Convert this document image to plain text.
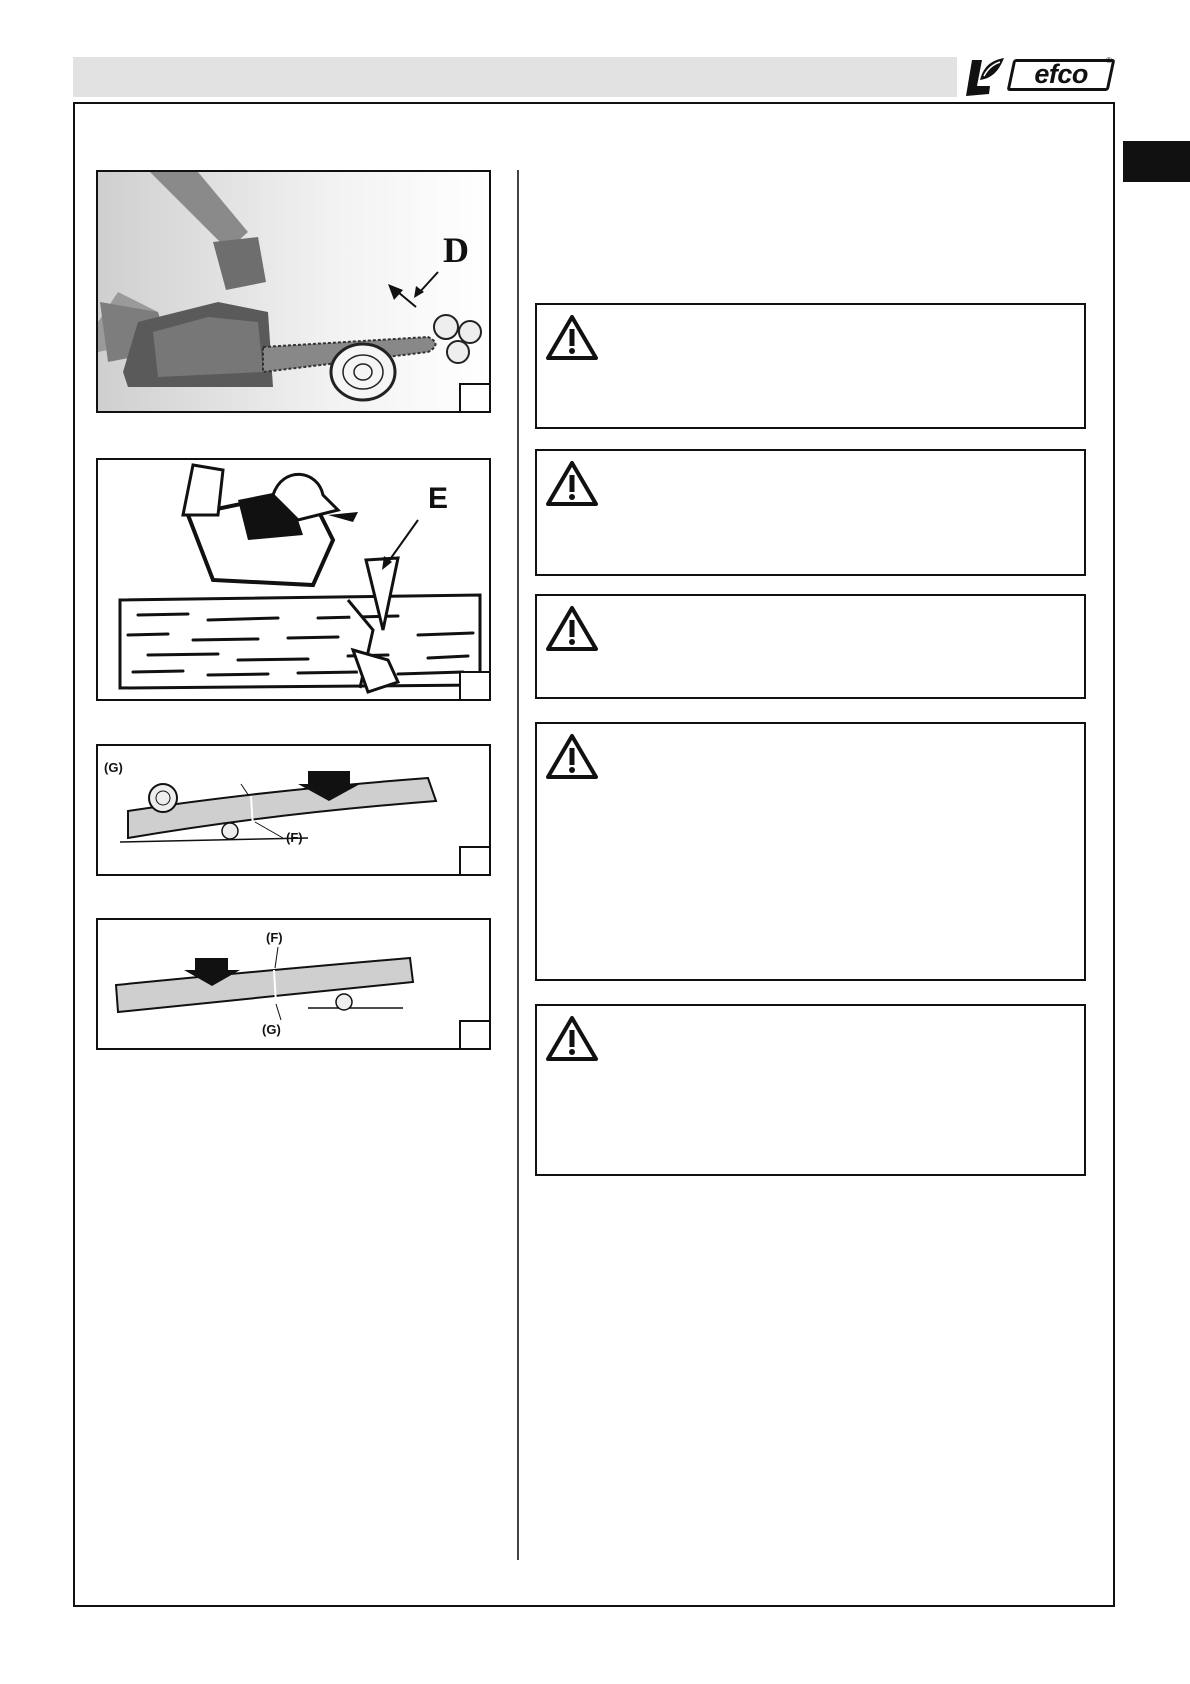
efco	®
D
E
(G)
(F)
(F)
(G)
